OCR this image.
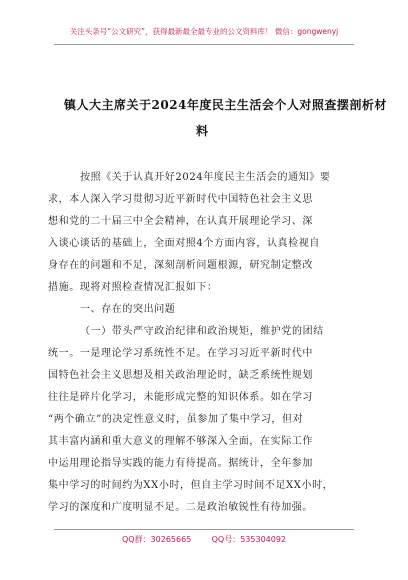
关注头条号“公文研究”，获得最新最全最专业的公文资料库！ 微信：gongwenyj
镇人大主席关于2024年度民主生活会个人对照查摆剖析材
料
按照《关于认真开好2024年度民主生活会的通知》要
求，本人深入学习贯彻习近平新时代中国特色社会主义思
想和党的二十届三中全会精神，在认真开展理论学习、深
入谈心谈话的基础上，全面对照4个方面内容，认真检视自
身存在的问题和不足，深刻剖析问题根源，研究制定整改
措施。现将对照检查情况汇报如下：
一、存在的突出问题
（一）带头严守政治纪律和政治规矩，维护党的团结
统一。一是理论学习系统性不足。在学习习近平新时代中
国特色社会主义思想及相关政治理论时，缺乏系统性规划
往往是碎片化学习，未能形成完整的知识体系。如在学习
“两个确立”的决定性意义时，虽参加了集中学习，但对
其丰富内涵和重大意义的理解不够深入全面，在实际工作
中运用理论指导实践的能力有待提高。据统计，全年参加
集中学习的时间约为XX小时，但自主学习时间不足XX小时，
学习的深度和广度明显不足。二是政治敏锐性有待加强。
QQ群：30265665        QQ号：535304092
